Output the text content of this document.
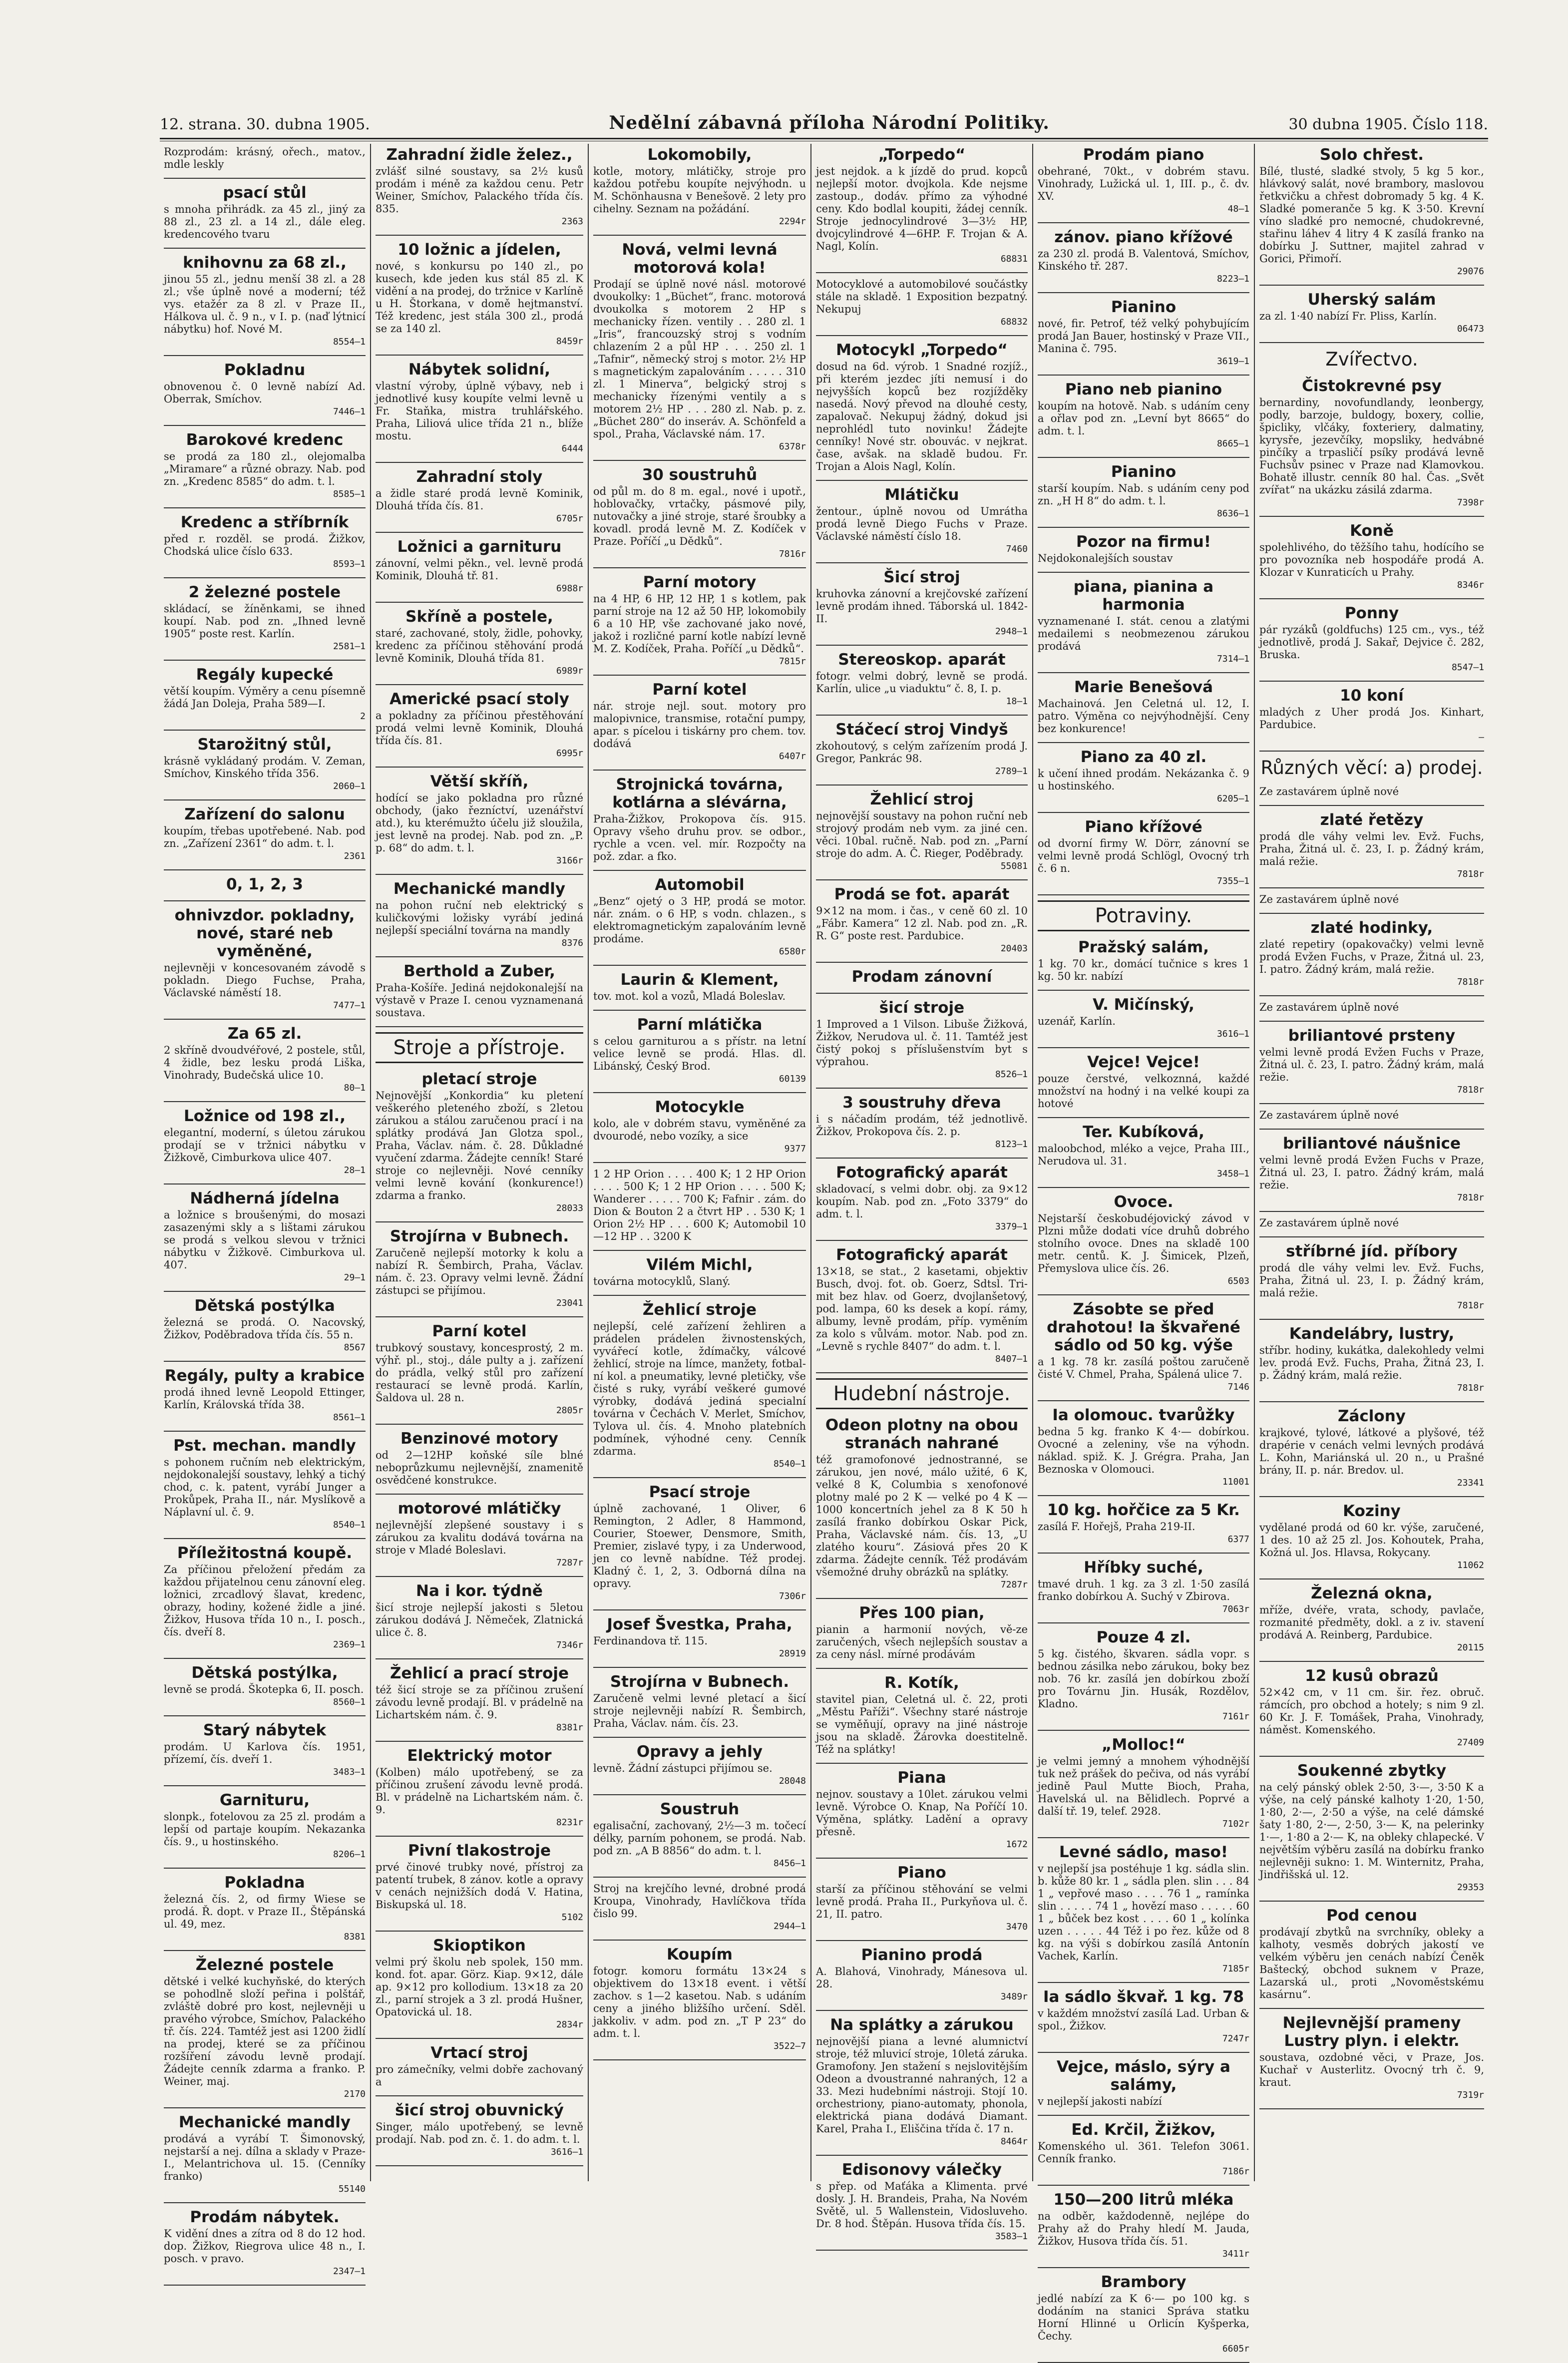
12. strana. 30. dubna 1905.	Nedělní zábavná příloha Národní Politiky.	30 dubna 1905. Číslo 118.
Rozprodám: krásný, ořech., matov., mdle leskly
psací stůl
s mnoha přihrádk. za 45 zl., jiný za 88 zl., 23 zl. a 14 zl., dále eleg. kredencového tvaru
knihovnu za 68 zl.,
jinou 55 zl., jednu menší 38 zl. a 28 zl.; vše úplně nové a moderní; též vys. etažér za 8 zl. v Praze II., Hálkova ul. č. 9 n., v I. p. (naď lýtnicí nábytku) hof. Nové M.
8554—1
Pokladnu
obnovenou č. 0 levně nabízí Ad. Oberrak, Smíchov.
7446—1
Barokové kredenc
se prodá za 180 zl., olejomalba „Miramare“ a různé obrazy. Nab. pod zn. „Kredenc 8585“ do adm. t. l.
8585—1
Kredenc a stříbrník
před r. rozděl. se prodá. Žižkov, Chodská ulice číslo 633.
8593—1
2 železné postele
skládací, se žíněnkami, se ihned koupí. Nab. pod zn. „Ihned levně 1905“ poste rest. Karlín.
2581—1
Regály kupecké
větší koupím. Výměry a cenu písemně žádá Jan Doleja, Praha 589—I.
2
Starožitný stůl,
krásně vykládaný prodám. V. Zeman, Smíchov, Kinského třída 356.
2060—1
Zařízení do salonu
koupím, třebas upotřebené. Nab. pod zn. „Zařízení 2361“ do adm. t. l.
2361
0, 1, 2, 3
ohnivzdor. pokladny, nové, staré neb vyměněné,
nejlevněji v koncesovaném závodě s pokladn. Diego Fuchse, Praha, Václavské náměstí 18.
7477—1
Za 65 zl.
2 skříně dvoudvéřové, 2 postele, stůl, 4 židle, bez lesku prodá Liška, Vinohrady, Budečská ulice 10.
80—1
Ložnice od 198 zl.,
elegantní, moderní, s úletou zárukou prodají se v tržnici nábytku v Žižkově, Cimburkova ulice 407.
28—1
Nádherná jídelna
a ložnice s broušenými, do mosazi zasazenými skly a s lištami zárukou se prodá s velkou slevou v tržnici nábytku v Žižkově. Cimburkova ul. 407.
29—1
Dětská postýlka
železná se prodá. O. Nacovský, Žižkov, Poděbradova třída čís. 55 n.
8567
Regály, pulty a krabice
prodá ihned levně Leopold Ettinger, Karlín, Královská třída 38.
8561—1
Pst. mechan. mandly
s pohonem ručním neb elektrickým, nejdokonalejší soustavy, lehký a tichý chod, c. k. patent, vyrábí Junger a Prokůpek, Praha II., nár. Myslíkově a Náplavní ul. č. 9.
8540—1
Příležitostná koupě.
Za příčinou přeložení předám za každou přijatelnou cenu zánovní eleg. ložnici, zrcadlový šlavat, kredenc, obrazy, hodiny, kožené židle a jiné. Žižkov, Husova třída 10 n., I. posch., čís. dveří 8.
2369—1
Dětská postýlka,
levně se prodá. Škotepka 6, II. posch.
8560—1
Starý nábytek
prodám. U Karlova čís. 1951, přízemí, čís. dveří 1.
3483—1
Garnituru,
slonpk., fotelovou za 25 zl. prodám a lepší od partaje koupím. Nekazanka čís. 9., u hostinského.
8206—1
Pokladna
železná čís. 2, od firmy Wiese se prodá. Ř. dopt. v Praze II., Štěpánská ul. 49, mez.
8381
Železné postele
dětské i velké kuchyňské, do kterých se pohodlně složí peřina i polštář, zvláště dobré pro kost, nejlevněji u pravého výrobce, Smíchov, Palackého tř. čís. 224. Tamtéž jest asi 1200 židlí na prodej, které se za příčinou rozšíření závodu levně prodají. Žádejte cenník zdarma a franko. P. Weiner, maj.
2170
Mechanické mandly
prodává a vyrábí T. Šimonovský, nejstarší a nej. dílna a sklady v Praze-I., Melantrichova ul. 15. (Cenníky franko)
55140
Prodám nábytek.
K vidění dnes a zítra od 8 do 12 hod. dop. Žižkov, Riegrova ulice 48 n., I. posch. v pravo.
2347—1
Zahradní židle želez.,
zvlášť silné soustavy, sa 2½ kusů prodám i méně za každou cenu. Petr Weiner, Smíchov, Palackého třída čís. 835.
2363
10 ložnic a jídelen,
nové, s konkursu po 140 zl., po kusech, kde jeden kus stál 85 zl. K vidění a na prodej, do tržnice v Karlíně u H. Štorkana, v domě hejtmanství. Též kredenc, jest stála 300 zl., prodá se za 140 zl.
8459r
Nábytek solidní,
vlastní výroby, úplně výbavy, neb i jednotlivé kusy koupíte velmi levně u Fr. Staňka, mistra truhlářského. Praha, Liliová ulice třída 21 n., blíže mostu.
6444
Zahradní stoly
a židle staré prodá levně Kominik, Dlouhá třída čís. 81.
6705r
Ložnici a garnituru
zánovní, velmi pěkn., vel. levně prodá Kominik, Dlouhá tř. 81.
6988r
Skříně a postele,
staré, zachované, stoly, židle, pohovky, kredenc za příčinou stěhování prodá levně Kominik, Dlouhá třída 81.
6989r
Americké psací stoly
a pokladny za příčinou přestěhování prodá velmi levně Kominik, Dlouhá třída čís. 81.
6995r
Větší skříň,
hodící se jako pokladna pro různé obchody, (jako řezníctví, uzenářství atd.), ku kterémužto účelu již sloužila, jest levně na prodej. Nab. pod zn. „P. p. 68“ do adm. t. l.
3166r
Mechanické mandly
na pohon ruční neb elektrický s kuličkovými ložisky vyrábí jediná nejlepší speciální továrna na mandly
8376
Berthold a Zuber,
Praha-Košíře. Jediná nejdokonalejší na výstavě v Praze I. cenou vyznamenaná soustava.
Stroje a přístroje.
pletací stroje
Nejnovější „Konkordia“ ku pletení veškerého pleteného zboží, s 2letou zárukou a stálou zaručenou prací i na splátky prodává Jan Glotza spol., Praha, Václav. nám. č. 28. Důkladné vyučení zdarma. Žádejte cenník! Staré stroje co nejlevněji. Nové cenníky velmi levně kování (konkurence!) zdarma a franko.
28033
Strojírna v Bubnech.
Zaručeně nejlepší motorky k kolu a nabízí R. Šembirch, Praha, Václav. nám. č. 23. Opravy velmi levně. Žádní zástupci se přijímou.
23041
Parní kotel
trubkový soustavy, koncesprostý, 2 m. výhř. pl., stoj., dále pulty a j. zařízení do prádla, velký stůl pro zařízení restaurací se levně prodá. Karlín, Šaldova ul. 28 n.
2805r
Benzinové motory
od 2—12HP koňské síle blné neboprůzkumu nejlevnější, znamenitě osvědčené konstrukce.
motorové mlátičky
nejlevnější zlepšené soustavy i s zárukou za kvalitu dodává továrna na stroje v Mladé Boleslavi.
7287r
Na i kor. týdně
šicí stroje nejlepší jakosti s 5letou zárukou dodává J. Němeček, Zlatnická ulice č. 8.
7346r
Žehlicí a prací stroje
též šicí stroje se za příčinou zrušení závodu levně prodají. Bl. v prádelně na Lichartském nám. č. 9.
8381r
Elektrický motor
(Kolben) málo upotřebený, se za příčinou zrušení závodu levně prodá. Bl. v prádelně na Lichartském nám. č. 9.
8231r
Pivní tlakostroje
prvé činové trubky nové, přístroj za patentí trubek, 8 zánov. kotle a opravy v cenách nejnižších dodá V. Hatina, Biskupská ul. 18.
5102
Skioptikon
velmi prý školu neb spolek, 150 mm. kond. fot. apar. Görz. Kiap. 9×12, dále ap. 9×12 pro kollodium. 13×18 za 20 zl., parní strojek a 3 zl. prodá Hušner, Opatovická ul. 18.
2834r
Vrtací stroj
pro zámečníky, velmi dobře zachovaný a
šicí stroj obuvnický
Singer, málo upotřebený, se levně prodají. Nab. pod zn. č. 1. do adm. t. l.
3616—1
Lokomobily,
kotle, motory, mlátičky, stroje pro každou potřebu koupíte nejvýhodn. u M. Schönhausna v Benešově. 2 lety pro cihelny. Seznam na požádání.
2294r
Nová, velmi levná motorová kola!
Prodají se úplně nové násl. motorové dvoukolky: 1 „Büchet“, franc. motorová dvoukolka s motorem 2 HP s mechanicky řízen. ventily . . 280 zl. 1 „Iris“, francouzský stroj s vodním chlazením 2 a půl HP . . . 250 zl. 1 „Tafnir“, německý stroj s motor. 2½ HP s magnetickým zapalováním . . . . . 310 zl. 1 Minerva“, belgický stroj s mechanicky řízenými ventily a s motorem 2½ HP . . . 280 zl. Nab. p. z. „Büchet 280“ do inseráv. A. Schönfeld a spol., Praha, Václavské nám. 17.
6378r
30 soustruhů
od půl m. do 8 m. egal., nové i upotř., hoblovačky, vrtačky, pásmové pily, nutovačky a jiné stroje, staré šroubky a kovadl. prodá levně M. Z. Kodíček v Praze. Poříčí „u Dědků“.
7816r
Parní motory
na 4 HP, 6 HP, 12 HP, 1 s kotlem, pak parní stroje na 12 až 50 HP, lokomobily 6 a 10 HP, vše zachované jako nové, jakož i rozličné parní kotle nabízí levně M. Z. Kodíček, Praha. Poříčí „u Dědků“.
7815r
Parní kotel
nár. stroje nejl. sout. motory pro malopivnice, transmise, rotační pumpy, apar. s pícelou i tiskárny pro chem. tov. dodává
6407r
Strojnická továrna, kotlárna a slévárna,
Praha-Žižkov, Prokopova čís. 915. Opravy všeho druhu prov. se odbor., rychle a vcen. vel. mír. Rozpočty na pož. zdar. a fko.
Automobil
„Benz“ ojetý o 3 HP, prodá se motor. nár. znám. o 6 HP, s vodn. chlazen., s elektromagnetickým zapalováním levně prodáme.
6580r
Laurin & Klement,
tov. mot. kol a vozů, Mladá Boleslav.
Parní mlátička
s celou garniturou a s přístr. na letní velice levně se prodá. Hlas. dl. Libánský, Český Brod.
60139
Motocykle
kolo, ale v dobrém stavu, vyměněné za dvourodé, nebo vozíky, a sice
9377
1 2 HP Orion . . . . 400 K; 1 2 HP Orion . . . . 500 K; 1 2 HP Orion . . . . 500 K; Wanderer . . . . . 700 K; Fafnir . zám. do Dion & Bouton 2 a čtvrt HP . . 530 K; 1 Orion 2½ HP . . . 600 K; Automobil 10—12 HP . . 3200 K
Vilém Michl,
továrna motocyklů, Slaný.
Žehlicí stroje
nejlepší, celé zařízení žehliren a prádelen prádelen živnostenských, vyvářecí kotle, ždímačky, válcové žehlicí, stroje na límce, manžety, fotbal-ní kol. a pneumatiky, levné pletičky, vše čisté s ruky, vyrábí veškeré gumové výrobky, dodává jediná specialní továrna v Čechách V. Merlet, Smíchov, Tylova ul. čís. 4. Mnoho platebních podmínek, výhodné ceny. Cenník zdarma.
8540—1
Psací stroje
úplně zachované, 1 Oliver, 6 Remington, 2 Adler, 8 Hammond, Courier, Stoewer, Densmore, Smith, Premier, zislavé typy, i za Underwood, jen co levně nabídne. Též prodej. Kladný č. 1, 2, 3. Odborná dílna na opravy.
7306r
Josef Švestka, Praha,
Ferdinandova tř. 115.
28919
Strojírna v Bubnech.
Zaručeně velmi levné pletací a šicí stroje nejlevněji nabízí R. Šembirch, Praha, Václav. nám. čís. 23.
Opravy a jehly
levně. Žádní zástupci přijímou se.
28048
Soustruh
egalisační, zachovaný, 2½—3 m. točecí délky, parním pohonem, se prodá. Nab. pod zn. „A B 8856“ do adm. t. l.
8456—1
Stroj na krejčího levné, drobné prodá Kroupa, Vinohrady, Havlíčkova třída čislo 99.
2944—1
Koupím
fotogr. komoru formátu 13×24 s objektivem do 13×18 event. i větší zachov. s 1—2 kasetou. Nab. s udáním ceny a jiného bližšího určení. Sděl. jakkoliv. v adm. pod zn. „T P 23“ do adm. t. l.
3522—7
„Torpedo“
jest nejdok. a k jízdě do prud. kopců nejlepší motor. dvojkola. Kde nejsme zastoup., dodáv. přímo za výhodné ceny. Kdo bodlal koupiti, žádej cenník. Stroje jednocylindrové 3—3½ HP, dvojcylindrové 4—6HP. F. Trojan & A. Nagl, Kolín.
68831
Motocyklové a automobilové součástky stále na skladě. 1 Exposition bezpatný. Nekupuj
68832
Motocykl „Torpedo“
dosud na 6d. výrob. 1 Snadné rozjíž., při kterém jezdec jíti nemusí i do nejvyšších kopců bez rozjížděky nasedá. Nový převod na dlouhé cesty, zapalovač. Nekupuj žádný, dokud jsi neprohlédl tuto novinku! Žádejte cenníky! Nové str. obouvác. v nejkrat. čase, avšak. na skladě budou. Fr. Trojan a Alois Nagl, Kolín.
Mlátičku
žentour., úplně novou od Umrátha prodá levně Diego Fuchs v Praze. Václavské náměstí číslo 18.
7460
Šicí stroj
kruhovka zánovní a krejčovské zařízení levně prodám ihned. Táborská ul. 1842-II.
2948—1
Stereoskop. aparát
fotogr. velmi dobrý, levně se prodá. Karlín, ulice „u viaduktu“ č. 8, I. p.
18—1
Stáčecí stroj Vindyš
zkohoutový, s celým zařízením prodá J. Gregor, Pankrác 98.
2789—1
Žehlicí stroj
nejnovější soustavy na pohon ruční neb strojový prodám neb vym. za jiné cen. věci. 10bal. ručně. Nab. pod zn. „Parní stroje do adm. A. Č. Rieger, Poděbrady.
55081
Prodá se fot. aparát
9×12 na mom. i čas., v ceně 60 zl. 10 „Fábr. Kamera“ 12 zl. Nab. pod zn. „R. R. G“ poste rest. Pardubice.
20403
Prodam zánovní
šicí stroje
1 Improved a 1 Vilson. Libuše Žižková, Žižkov, Nerudova ul. č. 11. Tamtéž jest čistý pokoj s příslušenstvím byt s výprahou.
8526—1
3 soustruhy dřeva
i s náčadím prodám, též jednotlivě. Žižkov, Prokopova čís. 2. p.
8123—1
Fotografický aparát
skladovací, s velmi dobr. obj. za 9×12 koupím. Nab. pod zn. „Foto 3379“ do adm. t. l.
3379—1
Fotografický aparát
13×18, se stat., 2 kasetami, objektiv Busch, dvoj. fot. ob. Goerz, Sdtsl. Tri-mit bez hlav. od Goerz, dvojlanšetový, pod. lampa, 60 ks desek a kopí. rámy, albumy, levně prodám, příp. vyměním za kolo s vůlvám. motor. Nab. pod zn. „Levně s rychle 8407“ do adm. t. l.
8407—1
Hudební nástroje.
Odeon plotny na obou stranách nahrané
též gramofonové jednostranné, se zárukou, jen nové, málo užité, 6 K, velké 8 K, Columbia s xenofonové plotny malé po 2 K — velké po 4 K — 1000 koncertních jehel za 8 K 50 h zasílá franko dobírkou Oskar Pick, Praha, Václavské nám. čís. 13, „U zlatého kouru“. Zásiová přes 20 K zdarma. Žádejte cenník. Též prodávám všemožné druhy obrázků na splátky.
7287r
Přes 100 pian,
pianin a harmonií nových, vě-ze zaručených, všech nejlepších soustav a za ceny násl. mírné prodávám
R. Kotík,
stavitel pian, Celetná ul. č. 22, proti „Městu Paříži“. Všechny staré nástroje se vyměňují, opravy na jiné nástroje jsou na skladě. Žárovka doestitelně. Též na splátky!
Piana
nejnov. soustavy a 10let. zárukou velmi levně. Výrobce O. Knap, Na Poříčí 10. Výměna, splátky. Ladění a opravy přesně.
1672
Piano
starší za příčinou stěhování se velmi levně prodá. Praha II., Purkyňova ul. č. 21, II. patro.
3470
Pianino prodá
A. Blahová, Vinohrady, Mánesova ul. 28.
3489r
Na splátky a zárukou
nejnovější piana a levné alumnictví stroje, též mluvicí stroje, 10letá záruka. Gramofony. Jen stažení s nejslovitějším Odeon a dvoustranné nahraných, 12 a 33. Mezi hudebními nástroji. Stojí 10. orchestriony, piano-automaty, phonola, elektrická piana dodává Diamant. Karel, Praha I., Eliščina třída č. 17 n.
8464r
Edisonovy válečky
s přep. od Maťáka a Klimenta. prvé dosly. J. H. Brandeis, Praha, Na Novém Světě, ul. 5 Wallenstein, Vidosluveho. Dr. 8 hod. Štěpán. Husova třída čís. 15.
3583—1
Prodám piano
obehrané, 70kt., v dobrém stavu. Vinohrady, Lužická ul. 1, III. p., č. dv. XV.
48—1
zánov. piano křížové
za 230 zl. prodá B. Valentová, Smíchov, Kinského tř. 287.
8223—1
Pianino
nové, fir. Petrof, též velký pohybujícím prodá Jan Bauer, hostinský v Praze VII., Manina č. 795.
3619—1
Piano neb pianino
koupím na hotově. Nab. s udáním ceny a ořlav pod zn. „Levní byt 8665“ do adm. t. l.
8665—1
Pianino
starší koupím. Nab. s udáním ceny pod zn. „H H 8“ do adm. t. l.
8636—1
Pozor na firmu!
Nejdokonalejších soustav
piana, pianina a harmonia
vyznamenané I. stát. cenou a zlatými medailemi s neobmezenou zárukou prodává
7314—1
Marie Benešová
Machainová. Jen Celetná ul. 12, I. patro. Výměna co nejvýhodnější. Ceny bez konkurence!
Piano za 40 zl.
k učení ihned prodám. Nekázanka č. 9 u hostinského.
6205—1
Piano křížové
od dvorní firmy W. Dörr, zánovní se velmi levně prodá Schlögl, Ovocný trh č. 6 n.
7355—1
Potraviny.
Pražský salám,
1 kg. 70 kr., domácí tučnice s kres 1 kg. 50 kr. nabízí
V. Mičínský,
uzenář, Karlín.
3616—1
Vejce! Vejce!
pouze čerstvé, velkoznná, každé množství na hodný i na velké koupi za hotové
Ter. Kubíková,
maloobchod, mléko a vejce, Praha III., Nerudova ul. 31.
3458—1
Ovoce.
Nejstarší českobudéjovický závod v Plzni může dodati více druhů dobrého stolního ovoce. Dnes na skladě 100 metr. centů. K. J. Šimicek, Plzeň, Přemyslova ulice čís. 26.
6503
Zásobte se před drahotou! Ia škvařené sádlo od 50 kg. výše
a 1 kg. 78 kr. zasílá poštou zaručeně čisté V. Chmel, Praha, Spálená ulice 7.
7146
Ia olomouc. tvarůžky
bedna 5 kg. franko K 4·— dobírkou. Ovocné a zeleniny, vše na výhodn. náklad. spiž. K. J. Grégra. Praha, Jan Beznoska v Olomouci.
11001
10 kg. hořčice za 5 Kr.
zasílá F. Hořejš, Praha 219-II.
6377
Hříbky suché,
tmavé druh. 1 kg. za 3 zl. 1·50 zasílá franko dobírkou A. Suchý v Zbirova.
7063r
Pouze 4 zl.
5 kg. čistého, škvaren. sádla vopr. s bednou zásilka nebo zárukou, boky bez nob. 76 kr. zasílá jen dobírkou zboží pro Továrnu Jin. Husák, Rozdělov, Kladno.
7161r
„Molloc!“
je velmi jemný a mnohem výhodnější tuk než prášek do pečiva, od nás vyrábí jedině Paul Mutte Bioch, Praha, Havelská ul. na Bělidlech. Poprvé a další tř. 19, telef. 2928.
7102r
Levné sádlo, maso!
v nejlepší jsa postéhuje 1 kg. sádla slin. b. kůže 80 kr. 1 „ sádla plen. slin . . . 84 1 „ vepřové maso . . . . 76 1 „ ramínka slin . . . . . 74 1 „ hovězí maso . . . . . 60 1 „ bůček bez kost . . . . 60 1 „ kolínka uzen . . . . . 44 Též i po řez. kůže od 8 kg. na výši s dobírkou zasílá Antonín Vachek, Karlín.
7185r
Ia sádlo škvař. 1 kg. 78
v každém množství zasílá Lad. Urban & spol., Žižkov.
7247r
Vejce, máslo, sýry a salámy,
v nejlepší jakosti nabízí
Ed. Krčil, Žižkov,
Komenského ul. 361. Telefon 3061. Cenník franko.
7186r
150—200 litrů mléka
na odběr, každodenně, nejlépe do Prahy až do Prahy hledí M. Jauda, Žižkov, Husova třída čís. 51.
3411r
Brambory
jedlé nabízí za K 6·— po 100 kg. s dodáním na stanici Správa statku Horní Hlinné u Orlicín Kyšperka, Čechy.
6605r
Solo chřest.
Bílé, tlusté, sladké stvoly, 5 kg 5 kor., hlávkový salát, nové brambory, maslovou řetkvičku a chřest dobromady 5 kg. 4 K. Sladké pomeranče 5 kg. K 3·50. Krevní víno sladké pro nemocné, chudokrevné, stařinu láhev 4 litry 4 K zasílá franko na dobírku J. Suttner, majitel zahrad v Gorici, Přimoří.
29076
Uherský salám
za zl. 1·40 nabízí Fr. Pliss, Karlín.
06473
Zvířectvo.
Čistokrevné psy
bernardiny, novofundlandy, leonbergy, podly, barzoje, buldogy, boxery, collie, špicliky, vlčáky, foxteriery, dalmatiny, kyrysře, jezevčíky, mopsliky, hedvábné pinčíky a trpasličí psíky prodává levně Fuchsův psinec v Praze nad Klamovkou. Bohatě illustr. cenník 80 hal. Čas. „Svět zvířat“ na ukázku zásilá zdarma.
7398r
Koně
spolehlivého, do těžšího tahu, hodícího se pro povozníka neb hospodáře prodá A. Klozar v Kunraticích u Prahy.
8346r
Ponny
pár ryzáků (goldfuchs) 125 cm., vys., též jednotlivě, prodá J. Sakař, Dejvice č. 282, Bruska.
8547—1
10 koní
mladých z Uher prodá Jos. Kinhart, Pardubice.
—
Různých věcí: a) prodej.
Ze zastavárem úplně nové
zlaté řetězy
prodá dle váhy velmi lev. Evž. Fuchs, Praha, Žitná ul. č. 23, I. p. Žádný krám, malá režie.
7818r
Ze zastavárem úplně nové
zlaté hodinky,
zlaté repetiry (opakovačky) velmi levně prodá Evžen Fuchs, v Praze, Žitná ul. 23, I. patro. Žádný krám, malá režie.
7818r
Ze zastavárem úplně nové
briliantové prsteny
velmi levně prodá Evžen Fuchs v Praze, Žitná ul. č. 23, I. patro. Žádný krám, malá režie.
7818r
Ze zastavárem úplně nové
briliantové náušnice
velmi levně prodá Evžen Fuchs v Praze, Žitná ul. 23, I. patro. Žádný krám, malá režie.
7818r
Ze zastavárem úplně nové
stříbrné jíd. příbory
prodá dle váhy velmi lev. Evž. Fuchs, Praha, Žitná ul. 23, I. p. Žádný krám, malá režie.
7818r
Kandelábry, lustry,
stříbr. hodiny, kukátka, dalekohledy velmi lev. prodá Evž. Fuchs, Praha, Žitná 23, I. p. Žádný krám, malá režie.
7818r
Záclony
krajkové, tylové, látkové a plyšové, též drapérie v cenách velmi levných prodává L. Kohn, Mariánská ul. 20 n., u Prašné brány, II. p. nár. Bredov. ul.
23341
Koziny
vydělané prodá od 60 kr. výše, zaručené, 1 des. 10 až 25 zl. Jos. Kohoutek, Praha, Kožná ul. Jos. Hlavsa, Rokycany.
11062
Železná okna,
mříže, dvéře, vrata, schody, pavlače, rozmanité předměty, dokl. a z iv. stavení prodává A. Reinberg, Pardubice.
20115
12 kusů obrazů
52×42 cm, v 11 cm. šir. řez. obruč. rámcích, pro obchod a hotely; s nim 9 zl. 60 Kr. J. F. Tomášek, Praha, Vinohrady, náměst. Komenského.
27409
Soukenné zbytky
na celý pánský oblek 2·50, 3·—, 3·50 K a výše, na celý pánské kalhoty 1·20, 1·50, 1·80, 2·—, 2·50 a výše, na celé dámské šaty 1·80, 2·—, 2·50, 3·— K, na pelerinky 1·—, 1·80 a 2·— K, na obleky chlapecké. V největším výběru zasílá na dobírku franko nejlevněji sukno: 1. M. Winternitz, Praha, Jindřišská ul. 12.
29353
Pod cenou
prodávají zbytků na svrchníky, obleky a kalhoty, vesměs dobrých jakostí ve velkém výběru jen cenách nabízí Čeněk Baštecký, obchod suknem v Praze, Lazarská ul., proti „Novoměstskému kasárnu“.
Nejlevnější prameny Lustry plyn. i elektr.
soustava, ozdobné věci, v Praze, Jos. Kuchař v Austerlitz. Ovocný trh č. 9, kraut.
7319r
